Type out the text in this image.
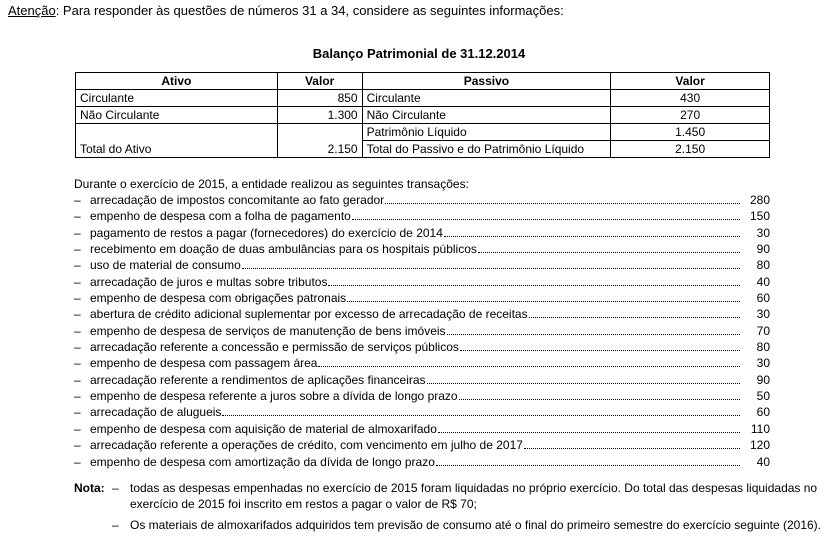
Atenção: Para responder às questões de números 31 a 34, considere as seguintes informações:
Balanço Patrimonial de 31.12.2014
Ativo	Valor	Passivo	Valor
Circulante	850	Circulante	430
Não Circulante	1.300	Não Circulante	270
		Patrimônio Líquido	1.450
Total do Ativo	2.150	Total do Passivo e do Patrimônio Líquido	2.150
Durante o exercício de 2015, a entidade realizou as seguintes transações:
– arrecadação de impostos concomitante ao fato gerador	280
– empenho de despesa com a folha de pagamento	150
– pagamento de restos a pagar (fornecedores) do exercício de 2014	30
– recebimento em doação de duas ambulâncias para os hospitais públicos	90
– uso de material de consumo	80
– arrecadação de juros e multas sobre tributos	40
– empenho de despesa com obrigações patronais	60
– abertura de crédito adicional suplementar por excesso de arrecadação de receitas	30
– empenho de despesa de serviços de manutenção de bens imóveis	70
– arrecadação referente a concessão e permissão de serviços públicos	80
– empenho de despesa com passagem área	30
– arrecadação referente a rendimentos de aplicações financeiras	90
– empenho de despesa referente a juros sobre a dívida de longo prazo	50
– arrecadação de alugueis	60
– empenho de despesa com aquisição de material de almoxarifado	110
– arrecadação referente a operações de crédito, com vencimento em julho de 2017	120
– empenho de despesa com amortização da dívida de longo prazo	40
Nota: – todas as despesas empenhadas no exercício de 2015 foram liquidadas no próprio exercício. Do total das despesas liquidadas no exercício de 2015 foi inscrito em restos a pagar o valor de R$ 70;
– Os materiais de almoxarifados adquiridos tem previsão de consumo até o final do primeiro semestre do exercício seguinte (2016).
